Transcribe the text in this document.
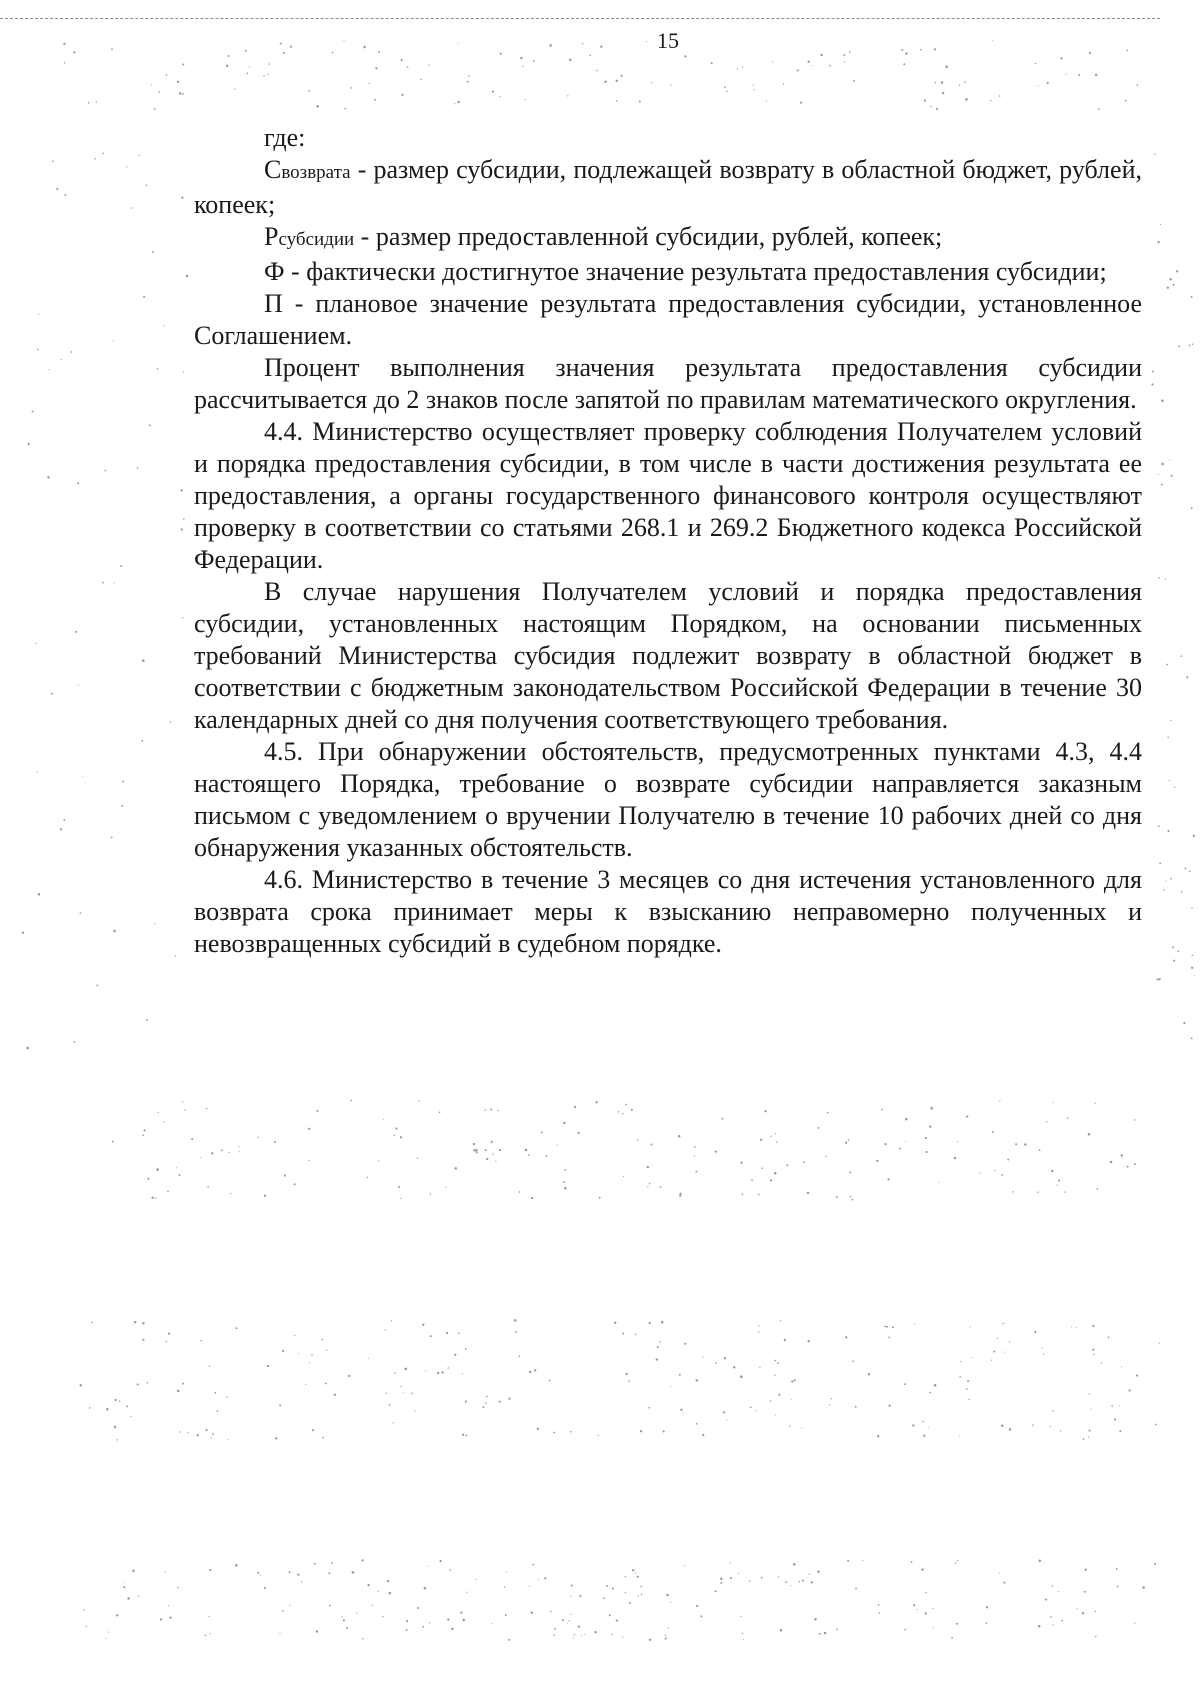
15

где:

Свозврата - размер субсидии, подлежащей возврату в областной бюджет, рублей, копеек;

Рсубсидии - размер предоставленной субсидии, рублей, копеек;

Ф - фактически достигнутое значение результата предоставления субсидии;

П - плановое значение результата предоставления субсидии, установленное Соглашением.

Процент выполнения значения результата предоставления субсидии рассчитывается до 2 знаков после запятой по правилам математического округления.

4.4. Министерство осуществляет проверку соблюдения Получателем условий и порядка предоставления субсидии, в том числе в части достижения результата ее предоставления, а органы государственного финансового контроля осуществляют проверку в соответствии со статьями 268.1 и 269.2 Бюджетного кодекса Российской Федерации.

В случае нарушения Получателем условий и порядка предоставления субсидии, установленных настоящим Порядком, на основании письменных требований Министерства субсидия подлежит возврату в областной бюджет в соответствии с бюджетным законодательством Российской Федерации в течение 30 календарных дней со дня получения соответствующего требования.

4.5. При обнаружении обстоятельств, предусмотренных пунктами 4.3, 4.4 настоящего Порядка, требование о возврате субсидии направляется заказным письмом с уведомлением о вручении Получателю в течение 10 рабочих дней со дня обнаружения указанных обстоятельств.

4.6. Министерство в течение 3 месяцев со дня истечения установленного для возврата срока принимает меры к взысканию неправомерно полученных и невозвращенных субсидий в судебном порядке.
